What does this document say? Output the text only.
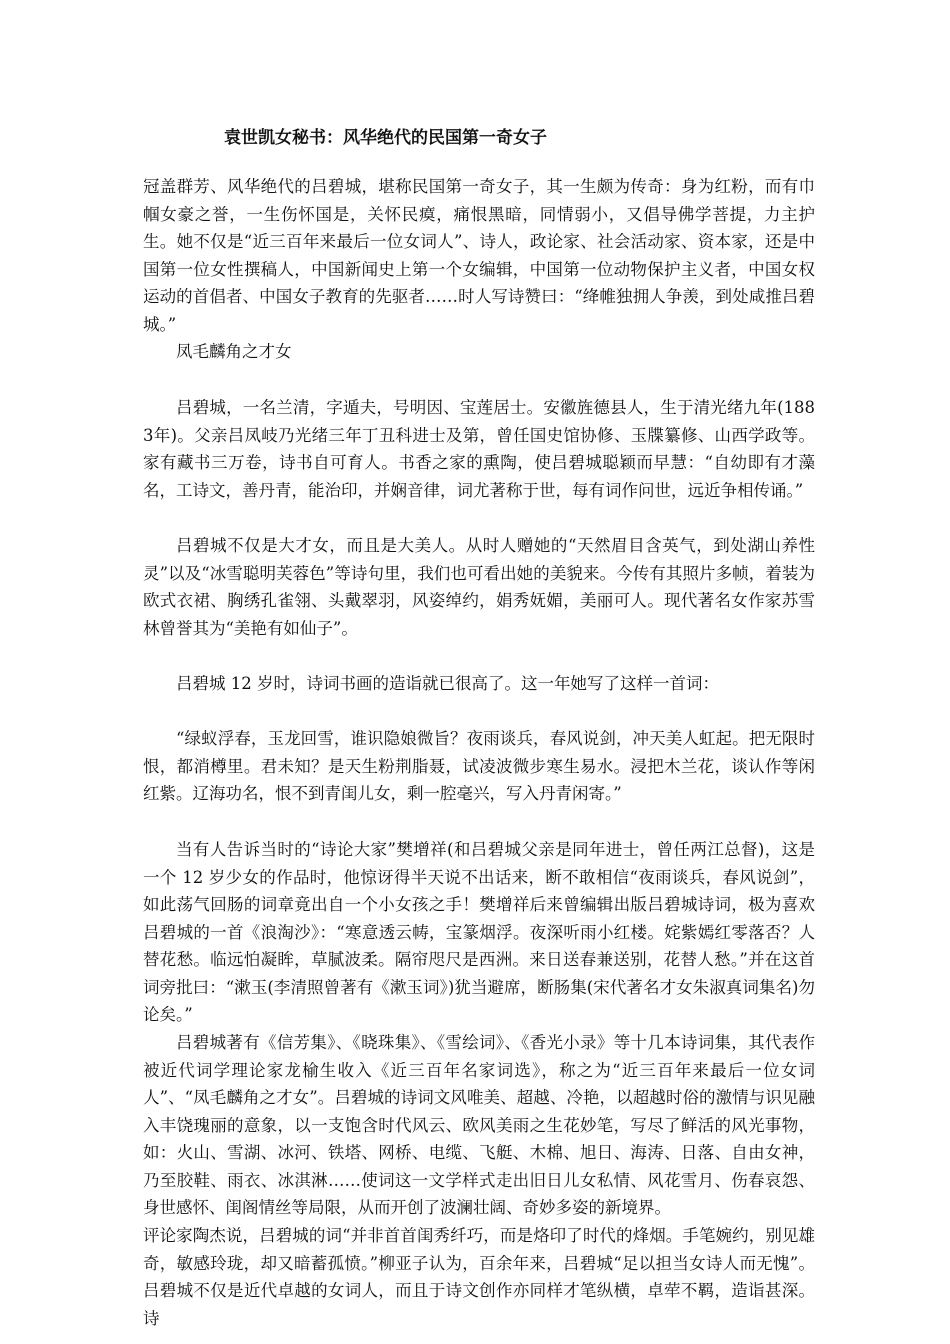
袁世凯女秘书：风华绝代的民国第一奇女子

冠盖群芳、风华绝代的吕碧城，堪称民国第一奇女子，其一生颇为传奇：身为红粉，而有巾帼女豪之誉，一生伤怀国是，关怀民瘼，痛恨黑暗，同情弱小，又倡导佛学菩提，力主护生。她不仅是“近三百年来最后一位女词人”、诗人，政论家、社会活动家、资本家，还是中国第一位女性撰稿人，中国新闻史上第一个女编辑，中国第一位动物保护主义者，中国女权运动的首倡者、中国女子教育的先驱者……时人写诗赞曰：“绛帷独拥人争羡，到处咸推吕碧城。”

凤毛麟角之才女

吕碧城，一名兰清，字遁夫，号明因、宝莲居士。安徽旌德县人，生于清光绪九年(1883年)。父亲吕凤岐乃光绪三年丁丑科进士及第，曾任国史馆协修、玉牒纂修、山西学政等。家有藏书三万卷，诗书自可育人。书香之家的熏陶，使吕碧城聪颖而早慧：“自幼即有才藻名，工诗文，善丹青，能治印，并娴音律，词尤著称于世，每有词作问世，远近争相传诵。”

吕碧城不仅是大才女，而且是大美人。从时人赠她的“天然眉目含英气，到处湖山养性灵”以及“冰雪聪明芙蓉色”等诗句里，我们也可看出她的美貌来。今传有其照片多帧，着装为欧式衣裙、胸绣孔雀翎、头戴翠羽，风姿绰约，娟秀妩媚，美丽可人。现代著名女作家苏雪林曾誉其为“美艳有如仙子”。

吕碧城 12 岁时，诗词书画的造诣就已很高了。这一年她写了这样一首词：

“绿蚁浮春，玉龙回雪，谁识隐娘微旨？夜雨谈兵，春风说剑，冲天美人虹起。把无限时恨，都消樽里。君未知？是天生粉荆脂聂，试凌波微步寒生易水。浸把木兰花，谈认作等闲红紫。辽海功名，恨不到青闺儿女，剩一腔毫兴，写入丹青闲寄。”

当有人告诉当时的“诗论大家”樊增祥(和吕碧城父亲是同年进士，曾任两江总督)，这是一个 12 岁少女的作品时，他惊讶得半天说不出话来，断不敢相信“夜雨谈兵，春风说剑”，如此荡气回肠的词章竟出自一个小女孩之手！樊增祥后来曾编辑出版吕碧城诗词，极为喜欢吕碧城的一首《浪淘沙》：“寒意透云帱，宝篆烟浮。夜深听雨小红楼。姹紫嫣红零落否？人替花愁。临远怕凝眸，草腻波柔。隔帘咫尺是西洲。来日送春兼送别，花替人愁。”并在这首词旁批曰：“漱玉(李清照曾著有《漱玉词》)犹当避席，断肠集(宋代著名才女朱淑真词集名)勿论矣。”

吕碧城著有《信芳集》、《晓珠集》、《雪绘词》、《香光小录》等十几本诗词集，其代表作被近代词学理论家龙榆生收入《近三百年名家词选》，称之为“近三百年来最后一位女词人”、“凤毛麟角之才女”。吕碧城的诗词文风唯美、超越、冷艳，以超越时俗的激情与识见融入丰饶瑰丽的意象，以一支饱含时代风云、欧风美雨之生花妙笔，写尽了鲜活的风光事物，如：火山、雪湖、冰河、铁塔、网桥、电缆、飞艇、木棉、旭日、海涛、日落、自由女神，乃至胶鞋、雨衣、冰淇淋……使词这一文学样式走出旧日儿女私情、风花雪月、伤春哀怨、身世感怀、闺阁情丝等局限，从而开创了波澜壮阔、奇妙多姿的新境界。

评论家陶杰说，吕碧城的词“并非首首闺秀纤巧，而是烙印了时代的烽烟。手笔婉约，别见雄奇，敏感玲珑，却又暗蓄孤愤。”柳亚子认为，百余年来，吕碧城“足以担当女诗人而无愧”。吕碧城不仅是近代卓越的女词人，而且于诗文创作亦同样才笔纵横，卓荦不羁，造诣甚深。诗
